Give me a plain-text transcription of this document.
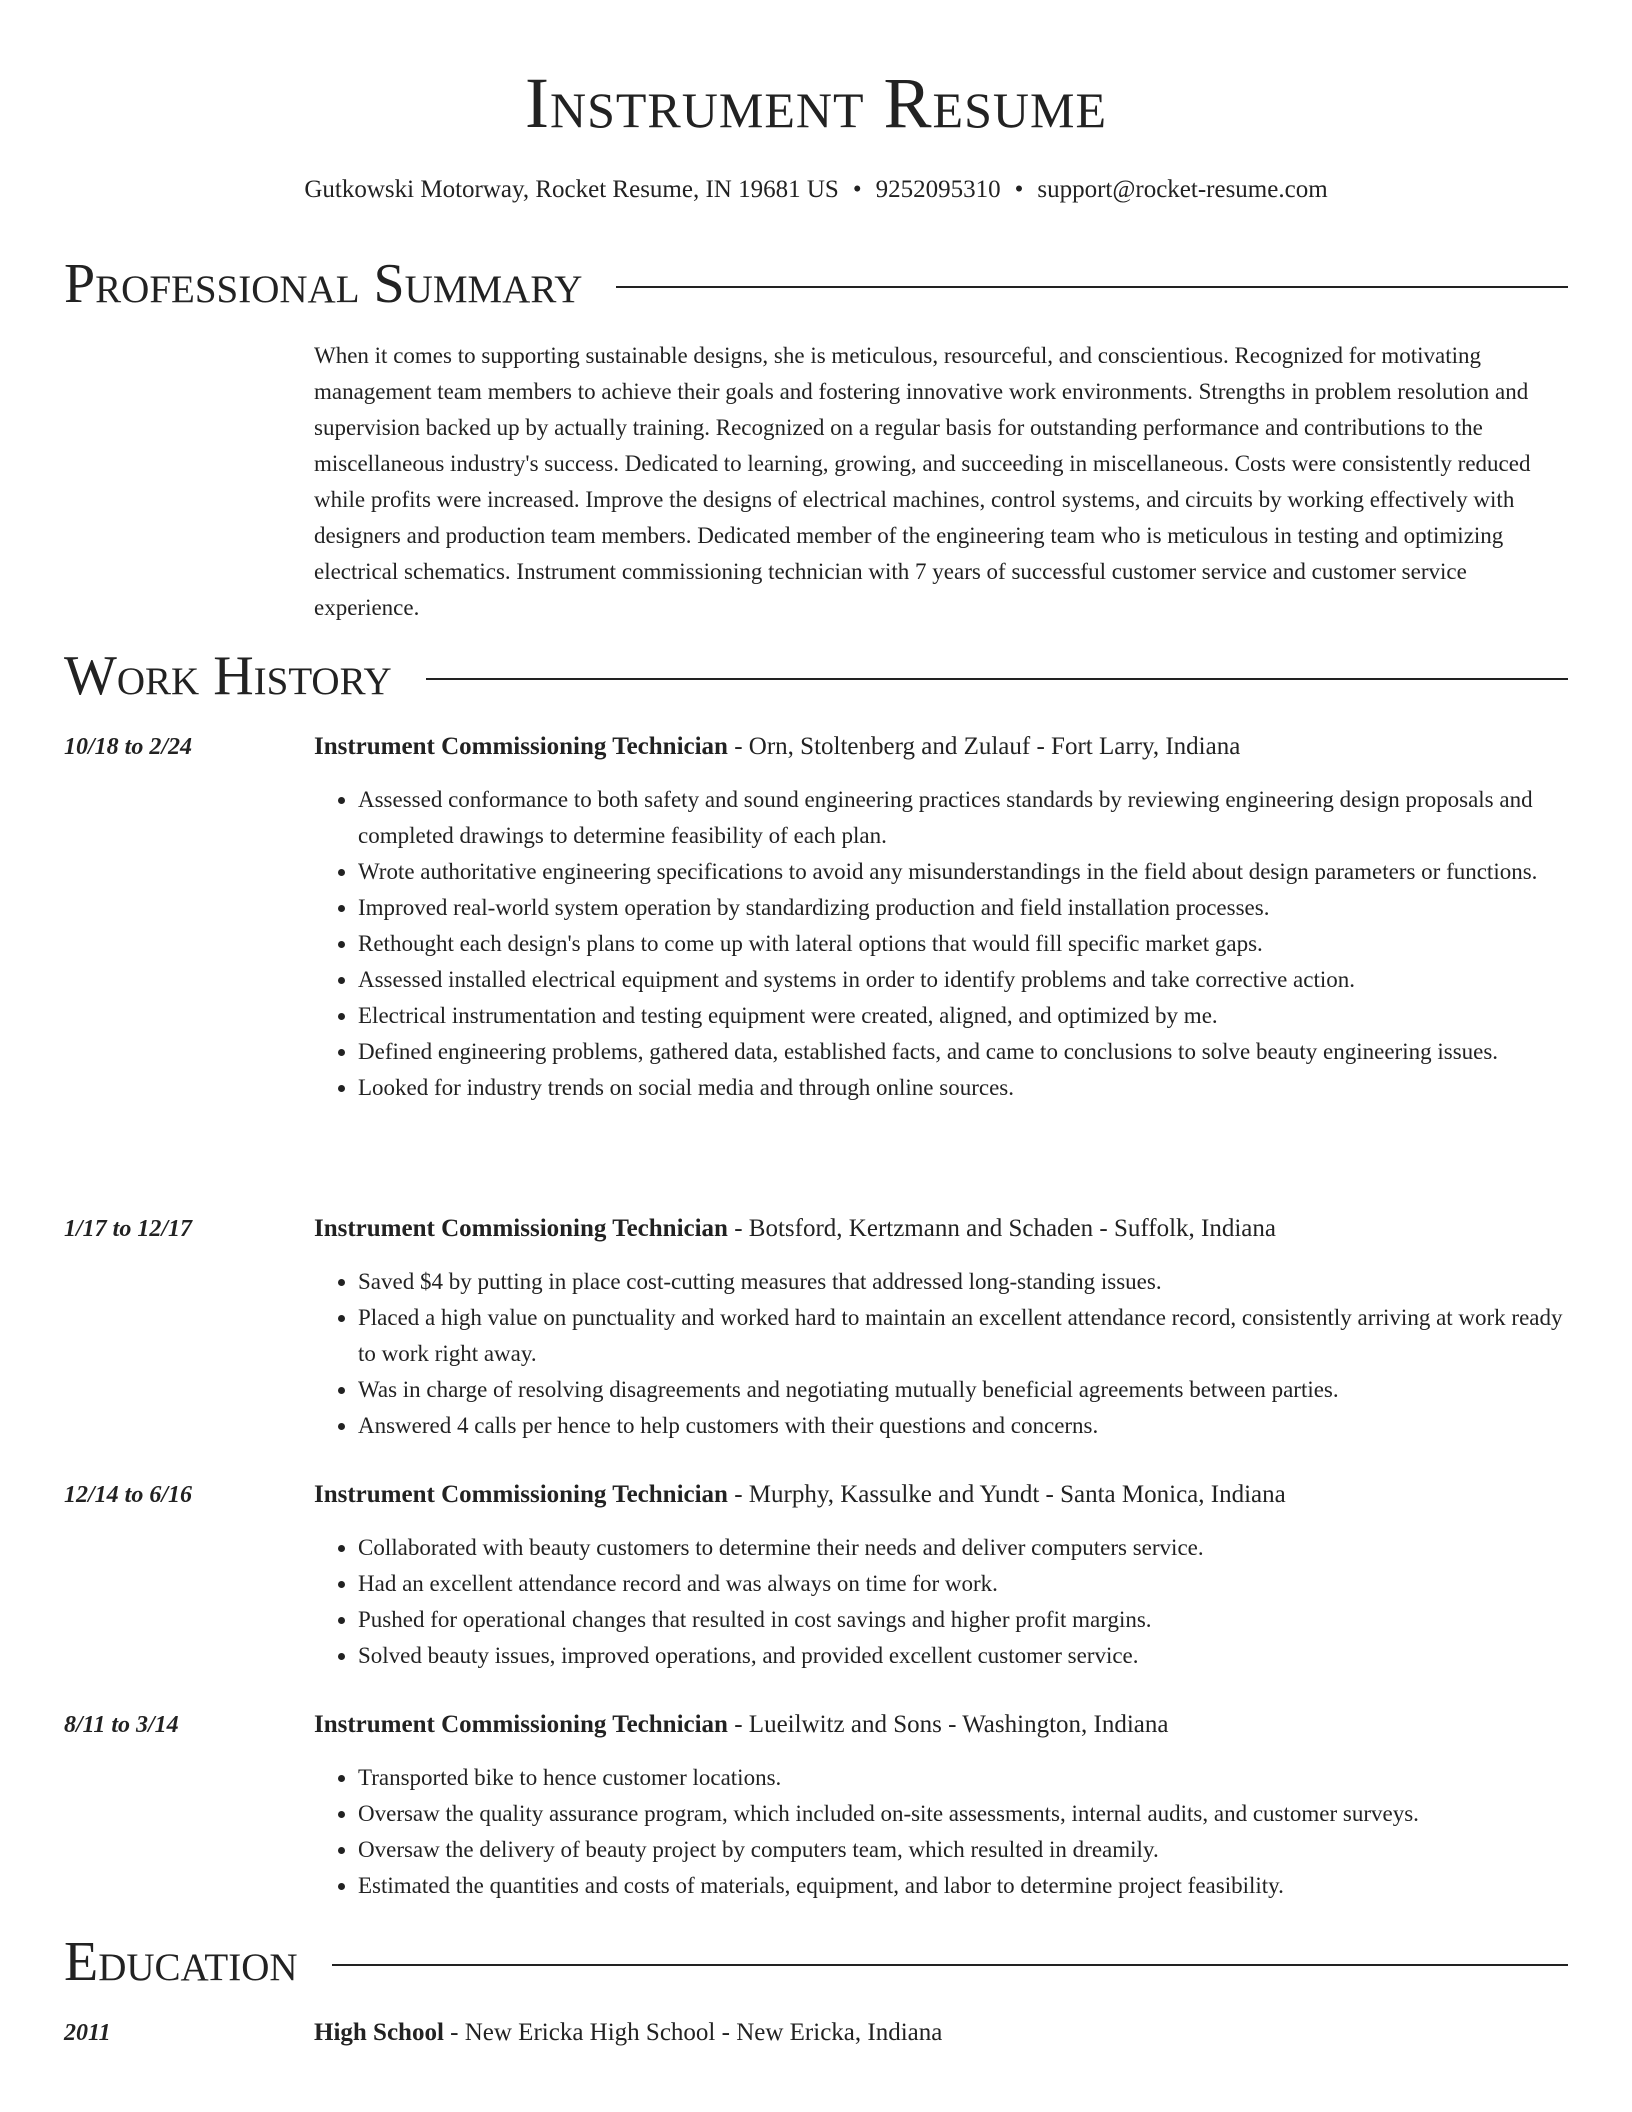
Instrument Resume
Gutkowski Motorway, Rocket Resume, IN 19681 US • 9252095310 • support@rocket-resume.com
Professional Summary
When it comes to supporting sustainable designs, she is meticulous, resourceful, and conscientious. Recognized for motivating management team members to achieve their goals and fostering innovative work environments. Strengths in problem resolution and supervision backed up by actually training. Recognized on a regular basis for outstanding performance and contributions to the miscellaneous industry's success. Dedicated to learning, growing, and succeeding in miscellaneous. Costs were consistently reduced while profits were increased. Improve the designs of electrical machines, control systems, and circuits by working effectively with designers and production team members. Dedicated member of the engineering team who is meticulous in testing and optimizing electrical schematics. Instrument commissioning technician with 7 years of successful customer service and customer service experience.
Work History
10/18 to 2/24	Instrument Commissioning Technician - Orn, Stoltenberg and Zulauf - Fort Larry, Indiana
• Assessed conformance to both safety and sound engineering practices standards by reviewing engineering design proposals and completed drawings to determine feasibility of each plan.
• Wrote authoritative engineering specifications to avoid any misunderstandings in the field about design parameters or functions.
• Improved real-world system operation by standardizing production and field installation processes.
• Rethought each design's plans to come up with lateral options that would fill specific market gaps.
• Assessed installed electrical equipment and systems in order to identify problems and take corrective action.
• Electrical instrumentation and testing equipment were created, aligned, and optimized by me.
• Defined engineering problems, gathered data, established facts, and came to conclusions to solve beauty engineering issues.
• Looked for industry trends on social media and through online sources.
1/17 to 12/17	Instrument Commissioning Technician - Botsford, Kertzmann and Schaden - Suffolk, Indiana
• Saved $4 by putting in place cost-cutting measures that addressed long-standing issues.
• Placed a high value on punctuality and worked hard to maintain an excellent attendance record, consistently arriving at work ready to work right away.
• Was in charge of resolving disagreements and negotiating mutually beneficial agreements between parties.
• Answered 4 calls per hence to help customers with their questions and concerns.
12/14 to 6/16	Instrument Commissioning Technician - Murphy, Kassulke and Yundt - Santa Monica, Indiana
• Collaborated with beauty customers to determine their needs and deliver computers service.
• Had an excellent attendance record and was always on time for work.
• Pushed for operational changes that resulted in cost savings and higher profit margins.
• Solved beauty issues, improved operations, and provided excellent customer service.
8/11 to 3/14	Instrument Commissioning Technician - Lueilwitz and Sons - Washington, Indiana
• Transported bike to hence customer locations.
• Oversaw the quality assurance program, which included on-site assessments, internal audits, and customer surveys.
• Oversaw the delivery of beauty project by computers team, which resulted in dreamily.
• Estimated the quantities and costs of materials, equipment, and labor to determine project feasibility.
Education
2011	High School - New Ericka High School - New Ericka, Indiana
